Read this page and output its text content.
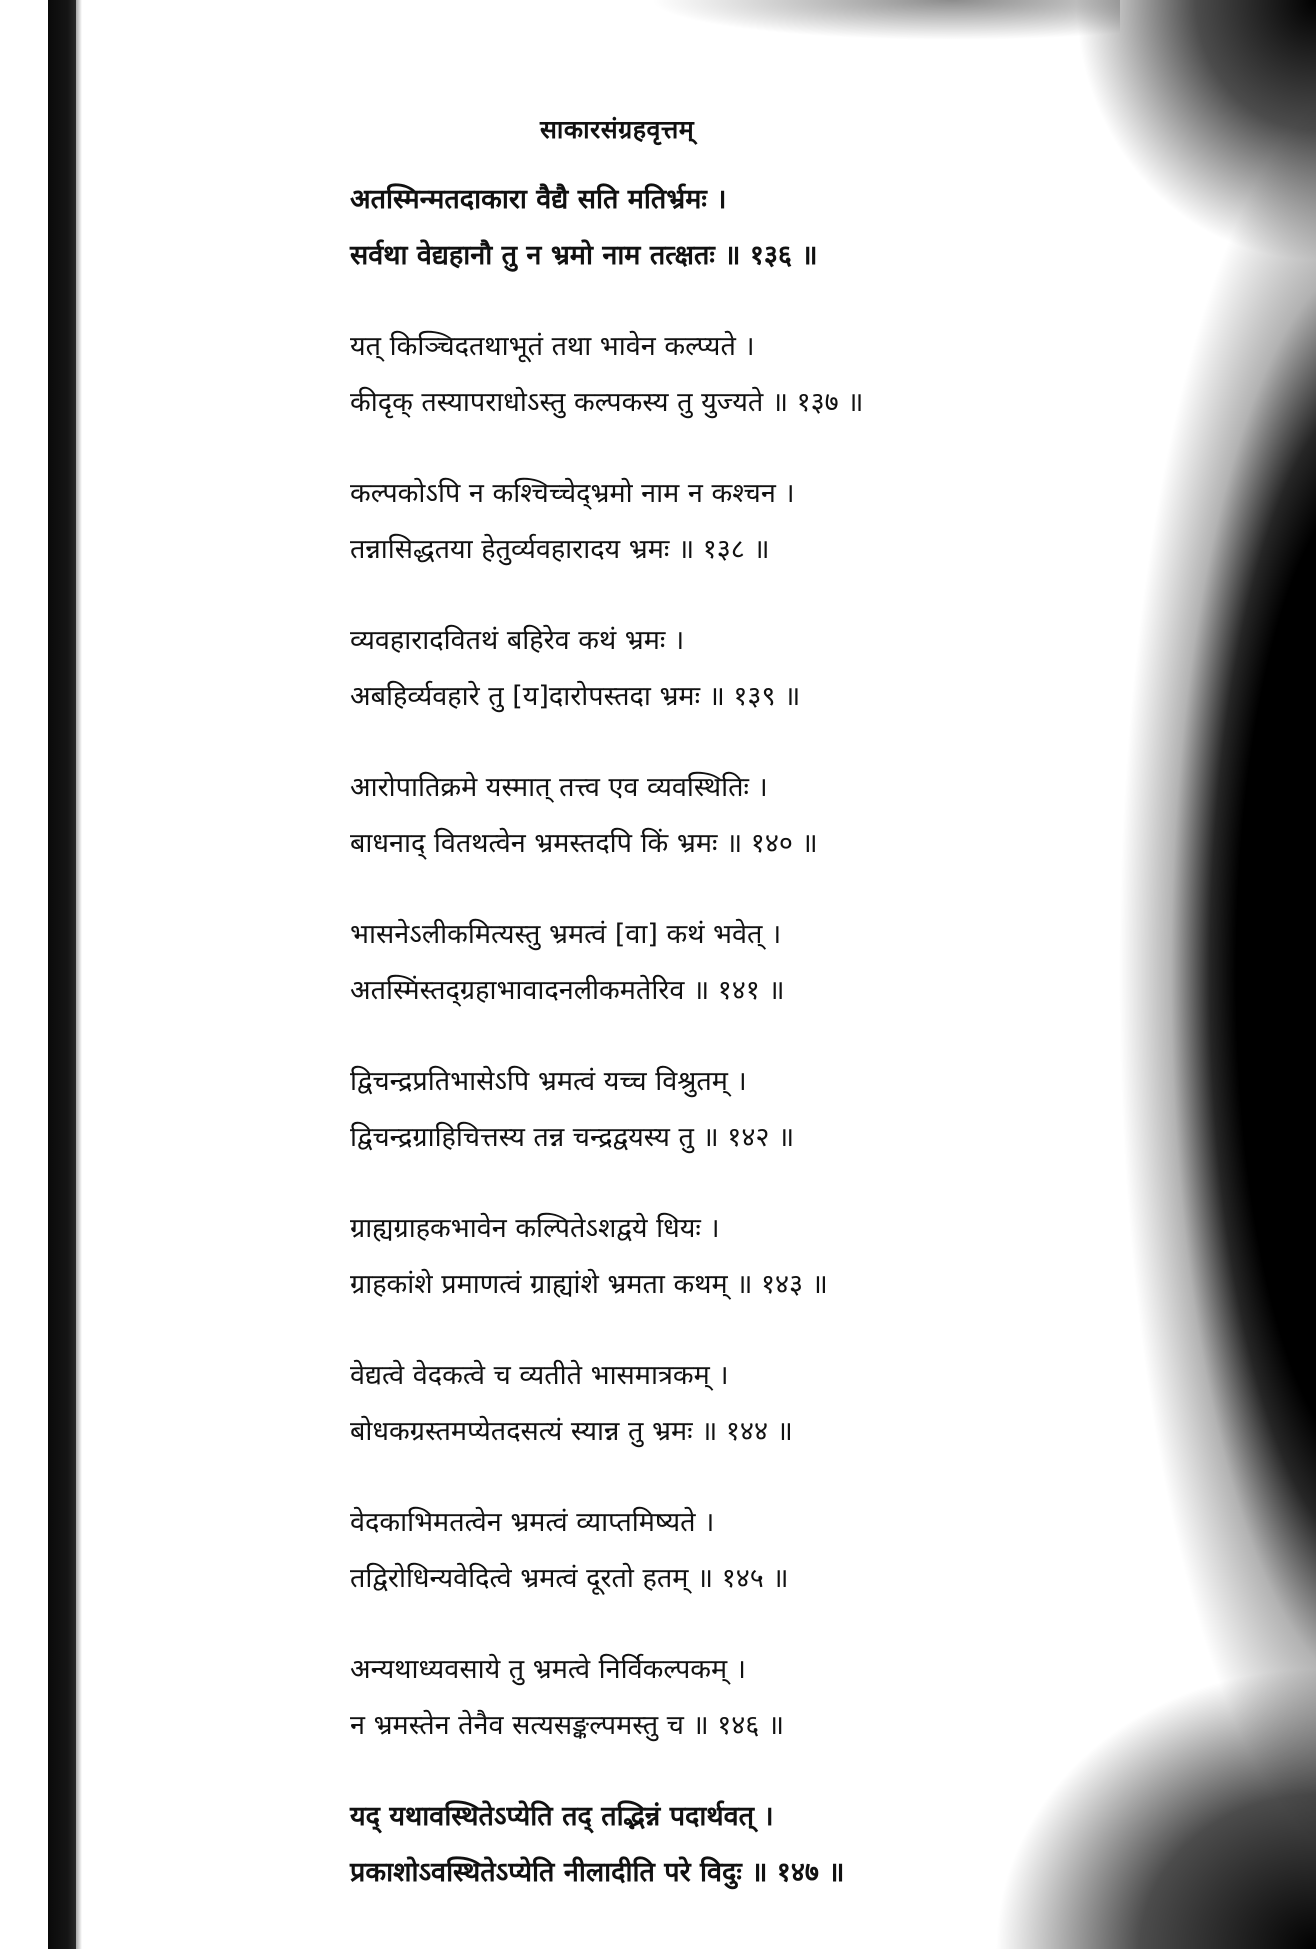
साकारसंग्रहवृत्तम्
अतस्मिन्मतदाकारा वैद्यै सति मतिर्भ्रमः ।
सर्वथा वेद्यहानौ तु न भ्रमो नाम तत्क्षतः ॥ १३६ ॥
यत् किञ्चिदतथाभूतं तथा भावेन कल्प्यते ।
कीदृक् तस्यापराधोऽस्तु कल्पकस्य तु युज्यते ॥ १३७ ॥
कल्पकोऽपि न कश्चिच्चेद्भ्रमो नाम न कश्चन ।
तन्नासिद्धतया हेतुर्व्यवहारादय भ्रमः ॥ १३८ ॥
व्यवहारादवितथं बहिरेव कथं भ्रमः ।
अबहिर्व्यवहारे तु [य]दारोपस्तदा भ्रमः ॥ १३९ ॥
आरोपातिक्रमे यस्मात् तत्त्व एव व्यवस्थितिः ।
बाधनाद् वितथत्वेन भ्रमस्तदपि किं भ्रमः ॥ १४० ॥
भासनेऽलीकमित्यस्तु भ्रमत्वं [वा] कथं भवेत् ।
अतस्मिंस्तद्ग्रहाभावादनलीकमतेरिव ॥ १४१ ॥
द्विचन्द्रप्रतिभासेऽपि भ्रमत्वं यच्च विश्रुतम् ।
द्विचन्द्रग्राहिचित्तस्य तन्न चन्द्रद्वयस्य तु ॥ १४२ ॥
ग्राह्यग्राहकभावेन कल्पितेऽशद्वये धियः ।
ग्राहकांशे प्रमाणत्वं ग्राह्यांशे भ्रमता कथम् ॥ १४३ ॥
वेद्यत्वे वेदकत्वे च व्यतीते भासमात्रकम् ।
बोधकग्रस्तमप्येतदसत्यं स्यान्न तु भ्रमः ॥ १४४ ॥
वेदकाभिमतत्वेन भ्रमत्वं व्याप्तमिष्यते ।
तद्विरोधिन्यवेदित्वे भ्रमत्वं दूरतो हतम् ॥ १४५ ॥
अन्यथाध्यवसाये तु भ्रमत्वे निर्विकल्पकम् ।
न भ्रमस्तेन तेनैव सत्यसङ्कल्पमस्तु च ॥ १४६ ॥
यद् यथावस्थितेऽप्येति तद् तद्भिन्नं पदार्थवत् ।
प्रकाशोऽवस्थितेऽप्येति नीलादीति परे विदुः ॥ १४७ ॥
